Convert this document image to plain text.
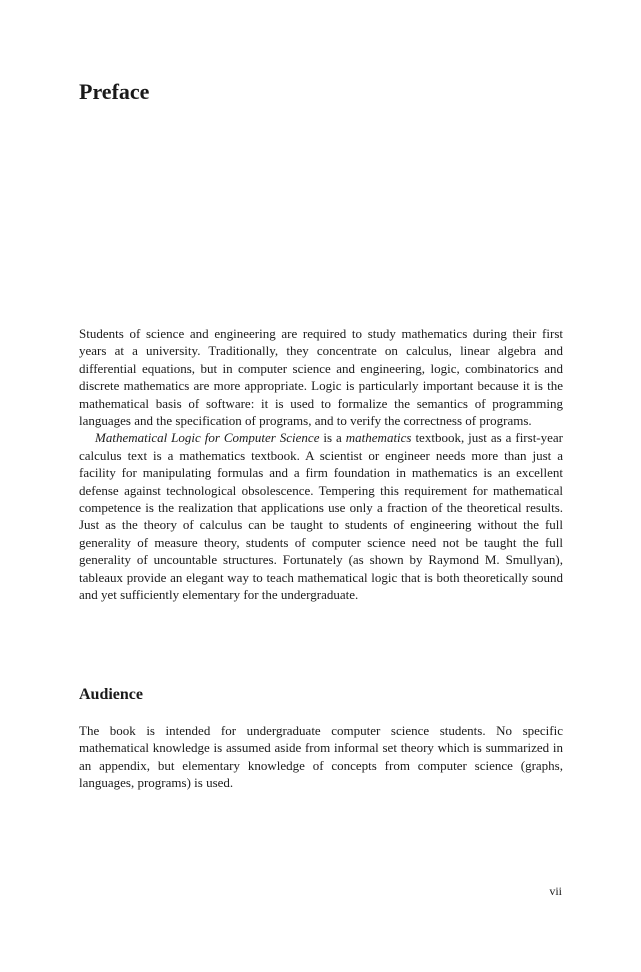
Preface

Students of science and engineering are required to study mathematics during their first years at a university. Traditionally, they concentrate on calculus, linear algebra and differential equations, but in computer science and engineering, logic, combinatorics and discrete mathematics are more appropriate. Logic is particularly important because it is the mathematical basis of software: it is used to formalize the semantics of programming languages and the specification of programs, and to verify the correctness of programs.

Mathematical Logic for Computer Science is a mathematics textbook, just as a first-year calculus text is a mathematics textbook. A scientist or engineer needs more than just a facility for manipulating formulas and a firm foundation in mathematics is an excellent defense against technological obsolescence. Tempering this requirement for mathematical competence is the realization that applications use only a fraction of the theoretical results. Just as the theory of calculus can be taught to students of engineering without the full generality of measure theory, students of computer science need not be taught the full generality of uncountable structures. Fortunately (as shown by Raymond M. Smullyan), tableaux provide an elegant way to teach mathematical logic that is both theoretically sound and yet sufficiently elementary for the undergraduate.

Audience

The book is intended for undergraduate computer science students. No specific mathematical knowledge is assumed aside from informal set theory which is summarized in an appendix, but elementary knowledge of concepts from computer science (graphs, languages, programs) is used.

vii
